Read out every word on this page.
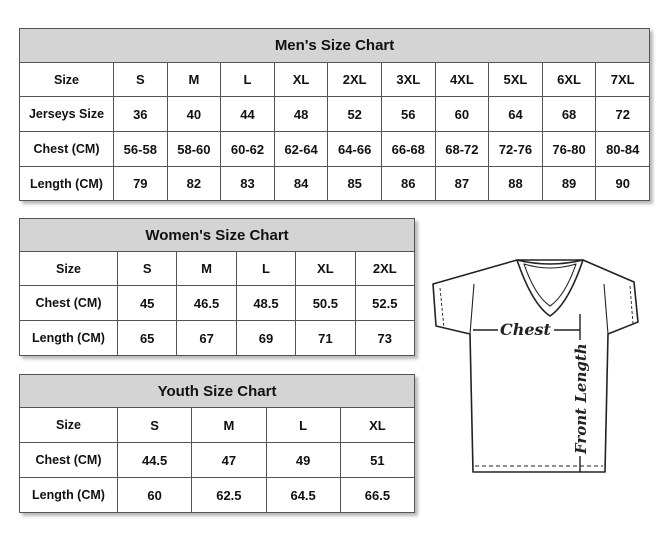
Men's Size Chart										
Size	S	M	L	XL	2XL	3XL	4XL	5XL	6XL	7XL
Jerseys Size	36	40	44	48	52	56	60	64	68	72
Chest (CM)	56-58	58-60	60-62	62-64	64-66	66-68	68-72	72-76	76-80	80-84
Length (CM)	79	82	83	84	85	86	87	88	89	90
Women's Size Chart					
Size	S	M	L	XL	2XL
Chest (CM)	45	46.5	48.5	50.5	52.5
Length (CM)	65	67	69	71	73
Youth Size Chart				
Size	S	M	L	XL
Chest (CM)	44.5	47	49	51
Length (CM)	60	62.5	64.5	66.5
Chest
Front Length
